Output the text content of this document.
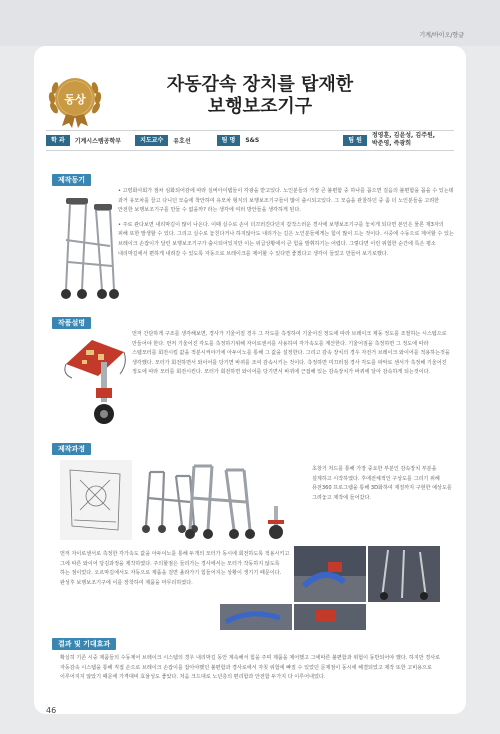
기계/바이오/향글
동상
자동감속 장치를 탑재한
보행보조기구
학 과	기계시스템공학부	지도교수	유호선	팀 명	S&S	팀 원
정영훈, 김윤성, 김주원,
박준영, 즉광희
제작동기

• 고령화사회가 점차 심화되어감에 따라 실버아이템들이 각광을 받고있다. 노인분들의 가장 큰 불편함 중 하나를 꼽으면 걸음의 불편함을 꼽을 수 있는데 과거 유모차를 끌고 다니던 모습에 착안하여 유모차 형식의 보행보조기구들이 많이 출시되고있다. 그 모습을 관찰하던 중 좀 더 노인분들을 고려한 안전한 보행보조기구를 만들 수 없을까? 라는 생각에 여러 방안들을 생각하게 된다.

• 주로 관다보면 내리막길이 많이 나온다. 이때 실수로 손이 더끄러진다던지 갑작스러운 경사에 보행보조기구를 놓치게 되다면 본인은 물론 제3자의 피해 또한 발생할 수 있다. 그리고 실수로 놓친다거나 하지않아도 내리가는 길은 노인분들에게는 힘이 많이 드는 것이다. 시중에 수동으로 제어할 수 있는 브레이크 손잡이가 달린 보행보조기구가 출시되어있지만 이는 위급상황에서 큰 힘을 발휘하기는 어렵다. 그렇다면 이런 위험한 순간에 특은 평소 내리막길에서 편하게 내려갈 수 있도록 자동으로 브레이크를 제어할 수 있다면 좋겠다고 생각이 들었고 만들어 보기로했다.

작품설명

먼저 간단하게 구조를 생각해보면, 경사가 기울어질 경우 그 각도를 측정하여 기울어진 정도에 따라 브레이크 제동 정도를 조절하는 시스템으로 만들어야 한다. 먼저 기울어진 각도를 측정하기위해 자이로센서를 사용하여 각가속도를 계산한다. 기울어짐을 측정하면 그 정도에 따라 스텝모터를 회전시킬 값을 적분시켜야기에 아두이노를 통해 그 값을 설정한다. 그리고 감속 장치의 경우 자전거 브레이크 와이어를 적용하는것을 생각했다. 모터가 회전하면서 와이어를 당기면 바퀴를 조여 감속시키는 것이다. 측정하면 미끄러짐 경사 각도를 파악로 센서가 측정해 기울어진 정도에 따라 모터를 회전시킨다. 모터가 회전하면 와이어를 당기면서 바퀴에 근접해 있는 감속장치가 바퀴에 달아 감속하게 되는것이다.

제작과정

초창기 처드를 통해 가장 중요한 부분인 감속장치 부분을 설계하고 시작하였다. 후에전체적인 구상도를 그리기 위해 퓨전360 프로그램을 통해 3D화하여 재질까지 구현한 예상도를 그려놓고 제작에 들어갔다.

먼저 자이로센서로 측정한 각가속도 값을 아두이노를 통해 두개의 모터가 동시에 회전하도록 적용시키고 그에 따른 와이어 당김과정을 제작하였다. 주의할점은 들리가는 경사에서는 모터가 작동하지 않도록 하는 점이었다. 오르막길에서도 자동으로 제품을 걸면 올라가기 힘들어지는 상황이 생기기 때문이다. 완성후 보행보조기구에 이를 장착하여 제품을 마무리하였다.

결과 및 기대효과

확실히 기존 시중 제품들의 수동제어 브레이크 시스템의 경우 내리막길 동안 계속해서 힘을 주며 제품을 제어했고 그에따른 불편함과 위험이 동반되어야 했다. 하지만 경사로 자동감속 시스템을 통해 직접 손으로 브레이크 손잡이를 잡아야했던 불편함과 경사로에서 자칫 위험에 빠질 수 있었던 문제점이 동시에 해결되었고 제작 또한 고비용으로 이루어지지 않았기 때문에 가격대비 효율성도 좋았다. 처음 크드대로 노년층의 편리함과 안전함 두가지 다 이루어내었다.

46
